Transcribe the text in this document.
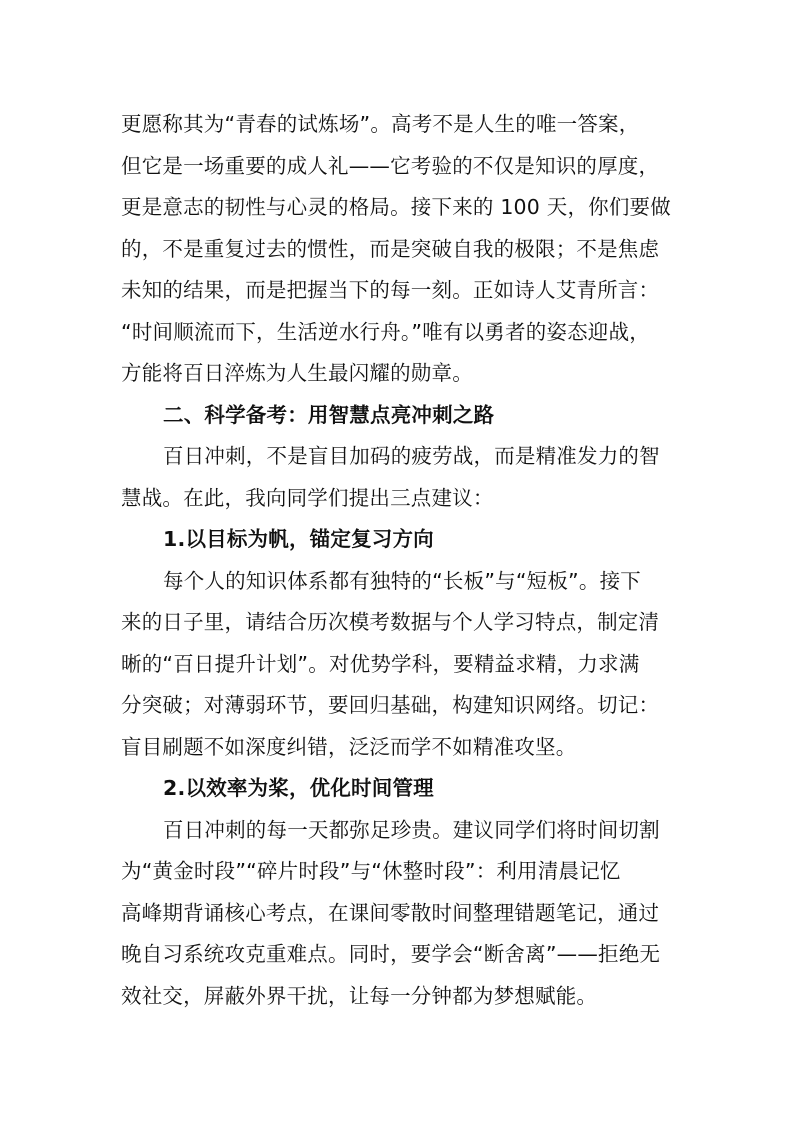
更愿称其为“青春的试炼场”。高考不是人生的唯一答案，
但它是一场重要的成人礼——它考验的不仅是知识的厚度，
更是意志的韧性与心灵的格局。接下来的 100 天，你们要做
的，不是重复过去的惯性，而是突破自我的极限；不是焦虑
未知的结果，而是把握当下的每一刻。正如诗人艾青所言：
“时间顺流而下，生活逆水行舟。”唯有以勇者的姿态迎战，
方能将百日淬炼为人生最闪耀的勋章。
二、科学备考：用智慧点亮冲刺之路
百日冲刺，不是盲目加码的疲劳战，而是精准发力的智
慧战。在此，我向同学们提出三点建议：
1.以目标为帆，锚定复习方向
每个人的知识体系都有独特的“长板”与“短板”。接下
来的日子里，请结合历次模考数据与个人学习特点，制定清
晰的“百日提升计划”。对优势学科，要精益求精，力求满
分突破；对薄弱环节，要回归基础，构建知识网络。切记：
盲目刷题不如深度纠错，泛泛而学不如精准攻坚。
2.以效率为桨，优化时间管理
百日冲刺的每一天都弥足珍贵。建议同学们将时间切割
为“黄金时段”“碎片时段”与“休整时段”：利用清晨记忆
高峰期背诵核心考点，在课间零散时间整理错题笔记，通过
晚自习系统攻克重难点。同时，要学会“断舍离”——拒绝无
效社交，屏蔽外界干扰，让每一分钟都为梦想赋能。
